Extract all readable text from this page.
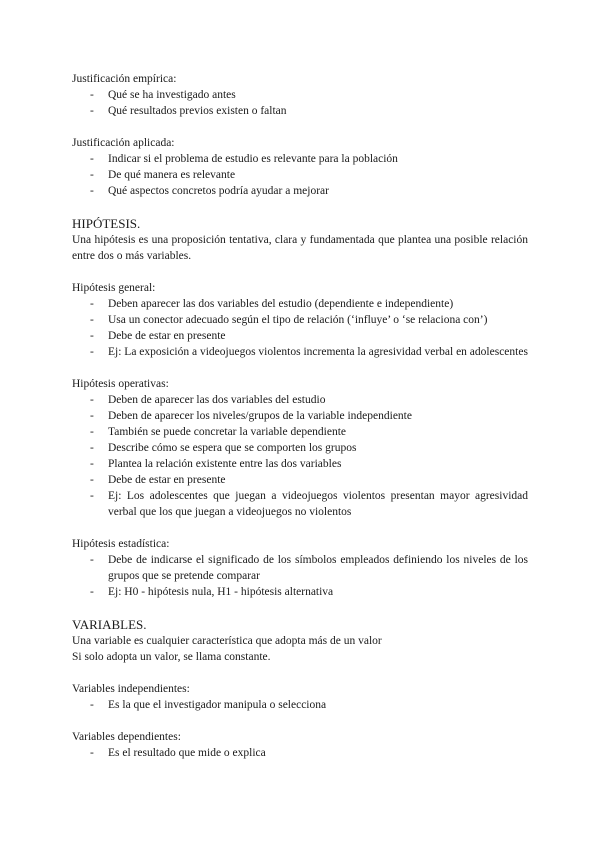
Justificación empírica:
- Qué se ha investigado antes
- Qué resultados previos existen o faltan
Justificación aplicada:
- Indicar si el problema de estudio es relevante para la población
- De qué manera es relevante
- Qué aspectos concretos podría ayudar a mejorar
HIPÓTESIS.
Una hipótesis es una proposición tentativa, clara y fundamentada que plantea una posible relación entre dos o más variables.
Hipótesis general:
- Deben aparecer las dos variables del estudio (dependiente e independiente)
- Usa un conector adecuado según el tipo de relación (‘influye’ o ‘se relaciona con’)
- Debe de estar en presente
- Ej: La exposición a videojuegos violentos incrementa la agresividad verbal en adolescentes
Hipótesis operativas:
- Deben de aparecer las dos variables del estudio
- Deben de aparecer los niveles/grupos de la variable independiente
- También se puede concretar la variable dependiente
- Describe cómo se espera que se comporten los grupos
- Plantea la relación existente entre las dos variables
- Debe de estar en presente
- Ej: Los adolescentes que juegan a videojuegos violentos presentan mayor agresividad verbal que los que juegan a videojuegos no violentos
Hipótesis estadística:
- Debe de indicarse el significado de los símbolos empleados definiendo los niveles de los grupos que se pretende comparar
- Ej: H0 - hipótesis nula, H1 - hipótesis alternativa
VARIABLES.
Una variable es cualquier característica que adopta más de un valor
Si solo adopta un valor, se llama constante.
Variables independientes:
- Es la que el investigador manipula o selecciona
Variables dependientes:
- Es el resultado que mide o explica
